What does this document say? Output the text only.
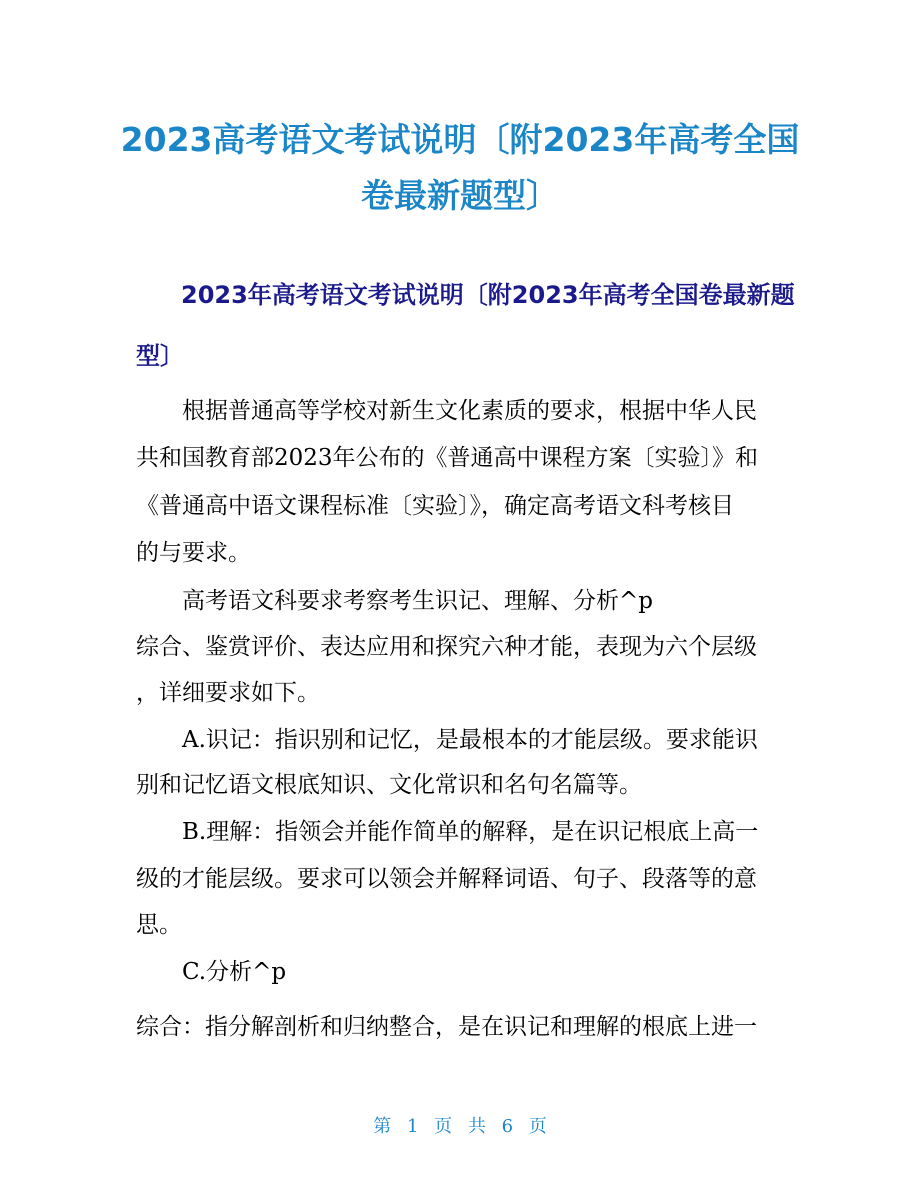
2023高考语文考试说明〔附2023年高考全国
卷最新题型〕
2023年高考语文考试说明〔附2023年高考全国卷最新题
型〕

根据普通高等学校对新生文化素质的要求，根据中华人民

共和国教育部2023年公布的《普通高中课程方案〔实验〕》和

《普通高中语文课程标准〔实验〕》，确定高考语文科考核目

的与要求。

高考语文科要求考察考生识记、理解、分析^p

综合、鉴赏评价、表达应用和探究六种才能，表现为六个层级

，详细要求如下。

A.识记：指识别和记忆，是最根本的才能层级。要求能识

别和记忆语文根底知识、文化常识和名句名篇等。

B.理解：指领会并能作简单的解释，是在识记根底上高一

级的才能层级。要求可以领会并解释词语、句子、段落等的意

思。

C.分析^p

综合：指分解剖析和归纳整合，是在识记和理解的根底上进一

第 1 页 共 6 页
